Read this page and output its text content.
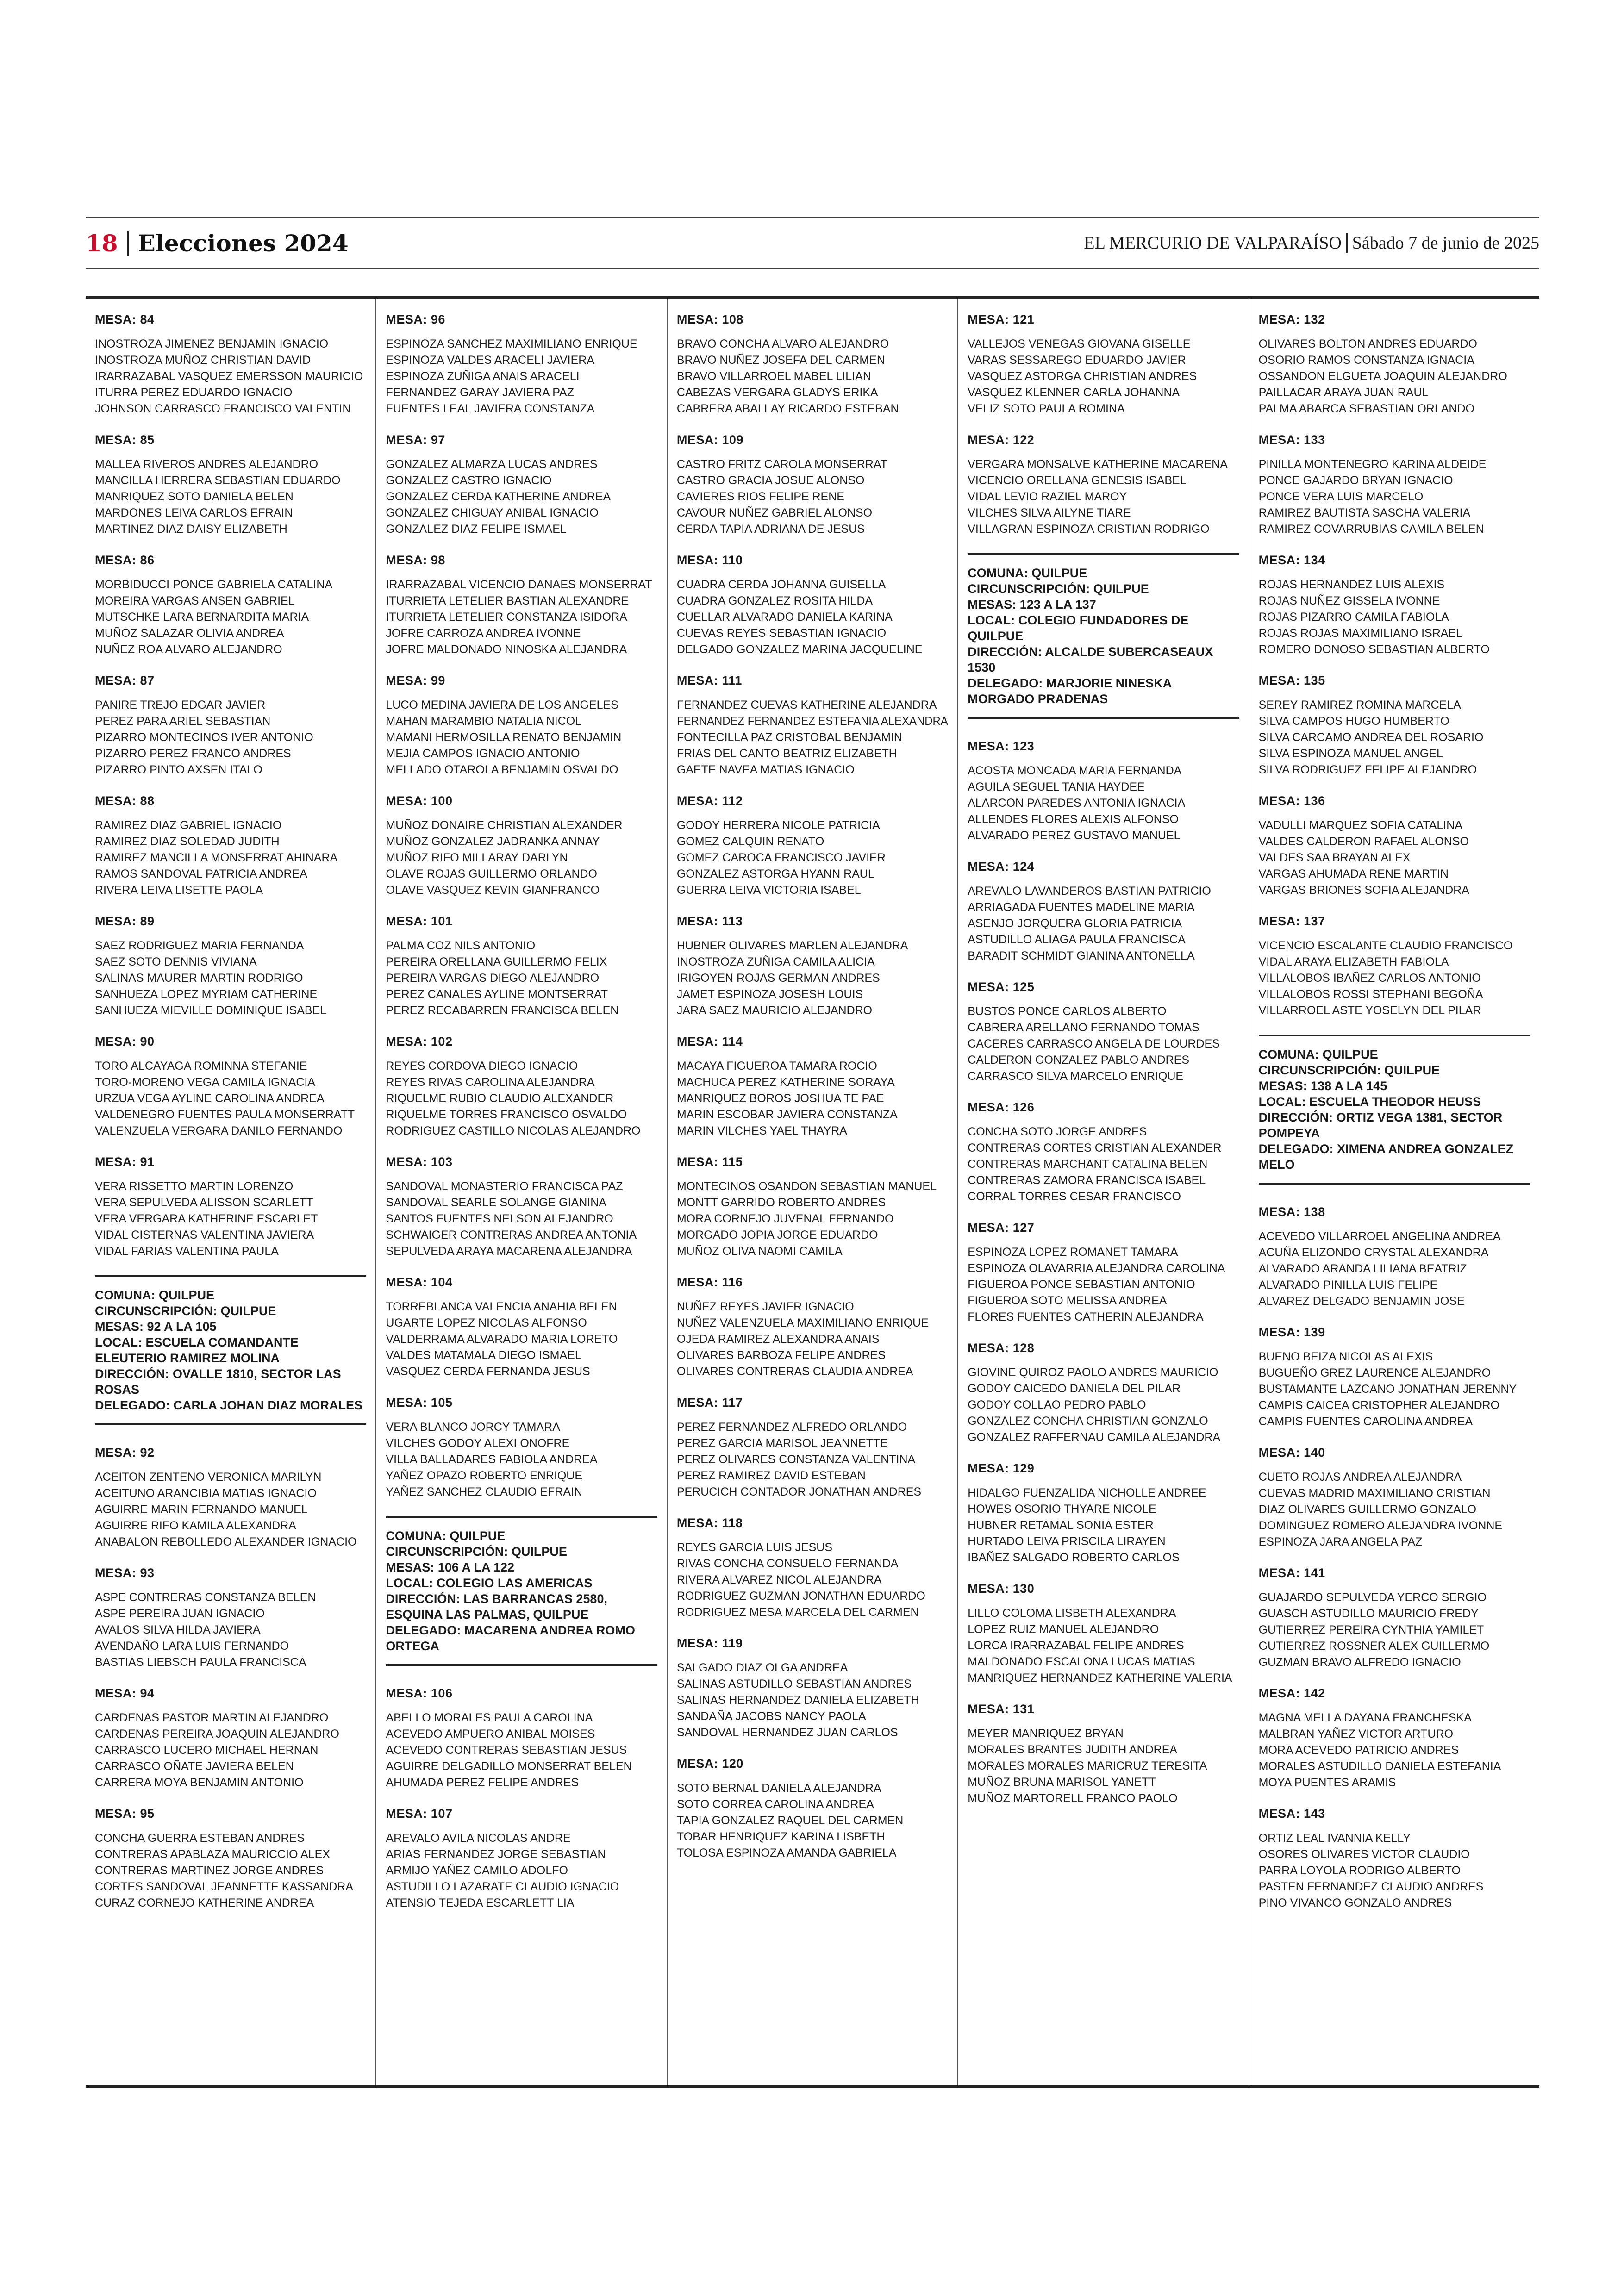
18 Elecciones 2024	EL MERCURIO DE VALPARAÍSO Sábado 7 de junio de 2025
MESA: 84
INOSTROZA JIMENEZ BENJAMIN IGNACIO
INOSTROZA MUÑOZ CHRISTIAN DAVID
IRARRAZABAL VASQUEZ EMERSSON MAURICIO
ITURRA PEREZ EDUARDO IGNACIO
JOHNSON CARRASCO FRANCISCO VALENTIN
MESA: 85
MALLEA RIVEROS ANDRES ALEJANDRO
MANCILLA HERRERA SEBASTIAN EDUARDO
MANRIQUEZ SOTO DANIELA BELEN
MARDONES LEIVA CARLOS EFRAIN
MARTINEZ DIAZ DAISY ELIZABETH
MESA: 86
MORBIDUCCI PONCE GABRIELA CATALINA
MOREIRA VARGAS ANSEN GABRIEL
MUTSCHKE LARA BERNARDITA MARIA
MUÑOZ SALAZAR OLIVIA ANDREA
NUÑEZ ROA ALVARO ALEJANDRO
MESA: 87
PANIRE TREJO EDGAR JAVIER
PEREZ PARA ARIEL SEBASTIAN
PIZARRO MONTECINOS IVER ANTONIO
PIZARRO PEREZ FRANCO ANDRES
PIZARRO PINTO AXSEN ITALO
MESA: 88
RAMIREZ DIAZ GABRIEL IGNACIO
RAMIREZ DIAZ SOLEDAD JUDITH
RAMIREZ MANCILLA MONSERRAT AHINARA
RAMOS SANDOVAL PATRICIA ANDREA
RIVERA LEIVA LISETTE PAOLA
MESA: 89
SAEZ RODRIGUEZ MARIA FERNANDA
SAEZ SOTO DENNIS VIVIANA
SALINAS MAURER MARTIN RODRIGO
SANHUEZA LOPEZ MYRIAM CATHERINE
SANHUEZA MIEVILLE DOMINIQUE ISABEL
MESA: 90
TORO ALCAYAGA ROMINNA STEFANIE
TORO-MORENO VEGA CAMILA IGNACIA
URZUA VEGA AYLINE CAROLINA ANDREA
VALDENEGRO FUENTES PAULA MONSERRATT
VALENZUELA VERGARA DANILO FERNANDO
MESA: 91
VERA RISSETTO MARTIN LORENZO
VERA SEPULVEDA ALISSON SCARLETT
VERA VERGARA KATHERINE ESCARLET
VIDAL CISTERNAS VALENTINA JAVIERA
VIDAL FARIAS VALENTINA PAULA
COMUNA: QUILPUE
CIRCUNSCRIPCIÓN: QUILPUE
MESAS: 92 A LA 105
LOCAL: ESCUELA COMANDANTE ELEUTERIO RAMIREZ MOLINA
DIRECCIÓN: OVALLE 1810, SECTOR LAS ROSAS
DELEGADO: CARLA JOHAN DIAZ MORALES
MESA: 92
ACEITON ZENTENO VERONICA MARILYN
ACEITUNO ARANCIBIA MATIAS IGNACIO
AGUIRRE MARIN FERNANDO MANUEL
AGUIRRE RIFO KAMILA ALEXANDRA
ANABALON REBOLLEDO ALEXANDER IGNACIO
MESA: 93
ASPE CONTRERAS CONSTANZA BELEN
ASPE PEREIRA JUAN IGNACIO
AVALOS SILVA HILDA JAVIERA
AVENDAÑO LARA LUIS FERNANDO
BASTIAS LIEBSCH PAULA FRANCISCA
MESA: 94
CARDENAS PASTOR MARTIN ALEJANDRO
CARDENAS PEREIRA JOAQUIN ALEJANDRO
CARRASCO LUCERO MICHAEL HERNAN
CARRASCO OÑATE JAVIERA BELEN
CARRERA MOYA BENJAMIN ANTONIO
MESA: 95
CONCHA GUERRA ESTEBAN ANDRES
CONTRERAS APABLAZA MAURICCIO ALEX
CONTRERAS MARTINEZ JORGE ANDRES
CORTES SANDOVAL JEANNETTE KASSANDRA
CURAZ CORNEJO KATHERINE ANDREA
MESA: 96
ESPINOZA SANCHEZ MAXIMILIANO ENRIQUE
ESPINOZA VALDES ARACELI JAVIERA
ESPINOZA ZUÑIGA ANAIS ARACELI
FERNANDEZ GARAY JAVIERA PAZ
FUENTES LEAL JAVIERA CONSTANZA
MESA: 97
GONZALEZ ALMARZA LUCAS ANDRES
GONZALEZ CASTRO IGNACIO
GONZALEZ CERDA KATHERINE ANDREA
GONZALEZ CHIGUAY ANIBAL IGNACIO
GONZALEZ DIAZ FELIPE ISMAEL
MESA: 98
IRARRAZABAL VICENCIO DANAES MONSERRAT
ITURRIETA LETELIER BASTIAN ALEXANDRE
ITURRIETA LETELIER CONSTANZA ISIDORA
JOFRE CARROZA ANDREA IVONNE
JOFRE MALDONADO NINOSKA ALEJANDRA
MESA: 99
LUCO MEDINA JAVIERA DE LOS ANGELES
MAHAN MARAMBIO NATALIA NICOL
MAMANI HERMOSILLA RENATO BENJAMIN
MEJIA CAMPOS IGNACIO ANTONIO
MELLADO OTAROLA BENJAMIN OSVALDO
MESA: 100
MUÑOZ DONAIRE CHRISTIAN ALEXANDER
MUÑOZ GONZALEZ JADRANKA ANNAY
MUÑOZ RIFO MILLARAY DARLYN
OLAVE ROJAS GUILLERMO ORLANDO
OLAVE VASQUEZ KEVIN GIANFRANCO
MESA: 101
PALMA COZ NILS ANTONIO
PEREIRA ORELLANA GUILLERMO FELIX
PEREIRA VARGAS DIEGO ALEJANDRO
PEREZ CANALES AYLINE MONTSERRAT
PEREZ RECABARREN FRANCISCA BELEN
MESA: 102
REYES CORDOVA DIEGO IGNACIO
REYES RIVAS CAROLINA ALEJANDRA
RIQUELME RUBIO CLAUDIO ALEXANDER
RIQUELME TORRES FRANCISCO OSVALDO
RODRIGUEZ CASTILLO NICOLAS ALEJANDRO
MESA: 103
SANDOVAL MONASTERIO FRANCISCA PAZ
SANDOVAL SEARLE SOLANGE GIANINA
SANTOS FUENTES NELSON ALEJANDRO
SCHWAIGER CONTRERAS ANDREA ANTONIA
SEPULVEDA ARAYA MACARENA ALEJANDRA
MESA: 104
TORREBLANCA VALENCIA ANAHIA BELEN
UGARTE LOPEZ NICOLAS ALFONSO
VALDERRAMA ALVARADO MARIA LORETO
VALDES MATAMALA DIEGO ISMAEL
VASQUEZ CERDA FERNANDA JESUS
MESA: 105
VERA BLANCO JORCY TAMARA
VILCHES GODOY ALEXI ONOFRE
VILLA BALLADARES FABIOLA ANDREA
YAÑEZ OPAZO ROBERTO ENRIQUE
YAÑEZ SANCHEZ CLAUDIO EFRAIN
COMUNA: QUILPUE
CIRCUNSCRIPCIÓN: QUILPUE
MESAS: 106 A LA 122
LOCAL: COLEGIO LAS AMERICAS
DIRECCIÓN: LAS BARRANCAS 2580, ESQUINA LAS PALMAS, QUILPUE
DELEGADO: MACARENA ANDREA ROMO ORTEGA
MESA: 106
ABELLO MORALES PAULA CAROLINA
ACEVEDO AMPUERO ANIBAL MOISES
ACEVEDO CONTRERAS SEBASTIAN JESUS
AGUIRRE DELGADILLO MONSERRAT BELEN
AHUMADA PEREZ FELIPE ANDRES
MESA: 107
AREVALO AVILA NICOLAS ANDRE
ARIAS FERNANDEZ JORGE SEBASTIAN
ARMIJO YAÑEZ CAMILO ADOLFO
ASTUDILLO LAZARATE CLAUDIO IGNACIO
ATENSIO TEJEDA ESCARLETT LIA
MESA: 108
BRAVO CONCHA ALVARO ALEJANDRO
BRAVO NUÑEZ JOSEFA DEL CARMEN
BRAVO VILLARROEL MABEL LILIAN
CABEZAS VERGARA GLADYS ERIKA
CABRERA ABALLAY RICARDO ESTEBAN
MESA: 109
CASTRO FRITZ CAROLA MONSERRAT
CASTRO GRACIA JOSUE ALONSO
CAVIERES RIOS FELIPE RENE
CAVOUR NUÑEZ GABRIEL ALONSO
CERDA TAPIA ADRIANA DE JESUS
MESA: 110
CUADRA CERDA JOHANNA GUISELLA
CUADRA GONZALEZ ROSITA HILDA
CUELLAR ALVARADO DANIELA KARINA
CUEVAS REYES SEBASTIAN IGNACIO
DELGADO GONZALEZ MARINA JACQUELINE
MESA: 111
FERNANDEZ CUEVAS KATHERINE ALEJANDRA
FERNANDEZ FERNANDEZ ESTEFANIA ALEXANDRA
FONTECILLA PAZ CRISTOBAL BENJAMIN
FRIAS DEL CANTO BEATRIZ ELIZABETH
GAETE NAVEA MATIAS IGNACIO
MESA: 112
GODOY HERRERA NICOLE PATRICIA
GOMEZ CALQUIN RENATO
GOMEZ CAROCA FRANCISCO JAVIER
GONZALEZ ASTORGA HYANN RAUL
GUERRA LEIVA VICTORIA ISABEL
MESA: 113
HUBNER OLIVARES MARLEN ALEJANDRA
INOSTROZA ZUÑIGA CAMILA ALICIA
IRIGOYEN ROJAS GERMAN ANDRES
JAMET ESPINOZA JOSESH LOUIS
JARA SAEZ MAURICIO ALEJANDRO
MESA: 114
MACAYA FIGUEROA TAMARA ROCIO
MACHUCA PEREZ KATHERINE SORAYA
MANRIQUEZ BOROS JOSHUA TE PAE
MARIN ESCOBAR JAVIERA CONSTANZA
MARIN VILCHES YAEL THAYRA
MESA: 115
MONTECINOS OSANDON SEBASTIAN MANUEL
MONTT GARRIDO ROBERTO ANDRES
MORA CORNEJO JUVENAL FERNANDO
MORGADO JOPIA JORGE EDUARDO
MUÑOZ OLIVA NAOMI CAMILA
MESA: 116
NUÑEZ REYES JAVIER IGNACIO
NUÑEZ VALENZUELA MAXIMILIANO ENRIQUE
OJEDA RAMIREZ ALEXANDRA ANAIS
OLIVARES BARBOZA FELIPE ANDRES
OLIVARES CONTRERAS CLAUDIA ANDREA
MESA: 117
PEREZ FERNANDEZ ALFREDO ORLANDO
PEREZ GARCIA MARISOL JEANNETTE
PEREZ OLIVARES CONSTANZA VALENTINA
PEREZ RAMIREZ DAVID ESTEBAN
PERUCICH CONTADOR JONATHAN ANDRES
MESA: 118
REYES GARCIA LUIS JESUS
RIVAS CONCHA CONSUELO FERNANDA
RIVERA ALVAREZ NICOL ALEJANDRA
RODRIGUEZ GUZMAN JONATHAN EDUARDO
RODRIGUEZ MESA MARCELA DEL CARMEN
MESA: 119
SALGADO DIAZ OLGA ANDREA
SALINAS ASTUDILLO SEBASTIAN ANDRES
SALINAS HERNANDEZ DANIELA ELIZABETH
SANDAÑA JACOBS NANCY PAOLA
SANDOVAL HERNANDEZ JUAN CARLOS
MESA: 120
SOTO BERNAL DANIELA ALEJANDRA
SOTO CORREA CAROLINA ANDREA
TAPIA GONZALEZ RAQUEL DEL CARMEN
TOBAR HENRIQUEZ KARINA LISBETH
TOLOSA ESPINOZA AMANDA GABRIELA
MESA: 121
VALLEJOS VENEGAS GIOVANA GISELLE
VARAS SESSAREGO EDUARDO JAVIER
VASQUEZ ASTORGA CHRISTIAN ANDRES
VASQUEZ KLENNER CARLA JOHANNA
VELIZ SOTO PAULA ROMINA
MESA: 122
VERGARA MONSALVE KATHERINE MACARENA
VICENCIO ORELLANA GENESIS ISABEL
VIDAL LEVIO RAZIEL MAROY
VILCHES SILVA AILYNE TIARE
VILLAGRAN ESPINOZA CRISTIAN RODRIGO
COMUNA: QUILPUE
CIRCUNSCRIPCIÓN: QUILPUE
MESAS: 123 A LA 137
LOCAL: COLEGIO FUNDADORES DE QUILPUE
DIRECCIÓN: ALCALDE SUBERCASEAUX 1530
DELEGADO: MARJORIE NINESKA MORGADO PRADENAS
MESA: 123
ACOSTA MONCADA MARIA FERNANDA
AGUILA SEGUEL TANIA HAYDEE
ALARCON PAREDES ANTONIA IGNACIA
ALLENDES FLORES ALEXIS ALFONSO
ALVARADO PEREZ GUSTAVO MANUEL
MESA: 124
AREVALO LAVANDEROS BASTIAN PATRICIO
ARRIAGADA FUENTES MADELINE MARIA
ASENJO JORQUERA GLORIA PATRICIA
ASTUDILLO ALIAGA PAULA FRANCISCA
BARADIT SCHMIDT GIANINA ANTONELLA
MESA: 125
BUSTOS PONCE CARLOS ALBERTO
CABRERA ARELLANO FERNANDO TOMAS
CACERES CARRASCO ANGELA DE LOURDES
CALDERON GONZALEZ PABLO ANDRES
CARRASCO SILVA MARCELO ENRIQUE
MESA: 126
CONCHA SOTO JORGE ANDRES
CONTRERAS CORTES CRISTIAN ALEXANDER
CONTRERAS MARCHANT CATALINA BELEN
CONTRERAS ZAMORA FRANCISCA ISABEL
CORRAL TORRES CESAR FRANCISCO
MESA: 127
ESPINOZA LOPEZ ROMANET TAMARA
ESPINOZA OLAVARRIA ALEJANDRA CAROLINA
FIGUEROA PONCE SEBASTIAN ANTONIO
FIGUEROA SOTO MELISSA ANDREA
FLORES FUENTES CATHERIN ALEJANDRA
MESA: 128
GIOVINE QUIROZ PAOLO ANDRES MAURICIO
GODOY CAICEDO DANIELA DEL PILAR
GODOY COLLAO PEDRO PABLO
GONZALEZ CONCHA CHRISTIAN GONZALO
GONZALEZ RAFFERNAU CAMILA ALEJANDRA
MESA: 129
HIDALGO FUENZALIDA NICHOLLE ANDREE
HOWES OSORIO THYARE NICOLE
HUBNER RETAMAL SONIA ESTER
HURTADO LEIVA PRISCILA LIRAYEN
IBAÑEZ SALGADO ROBERTO CARLOS
MESA: 130
LILLO COLOMA LISBETH ALEXANDRA
LOPEZ RUIZ MANUEL ALEJANDRO
LORCA IRARRAZABAL FELIPE ANDRES
MALDONADO ESCALONA LUCAS MATIAS
MANRIQUEZ HERNANDEZ KATHERINE VALERIA
MESA: 131
MEYER MANRIQUEZ BRYAN
MORALES BRANTES JUDITH ANDREA
MORALES MORALES MARICRUZ TERESITA
MUÑOZ BRUNA MARISOL YANETT
MUÑOZ MARTORELL FRANCO PAOLO
MESA: 132
OLIVARES BOLTON ANDRES EDUARDO
OSORIO RAMOS CONSTANZA IGNACIA
OSSANDON ELGUETA JOAQUIN ALEJANDRO
PAILLACAR ARAYA JUAN RAUL
PALMA ABARCA SEBASTIAN ORLANDO
MESA: 133
PINILLA MONTENEGRO KARINA ALDEIDE
PONCE GAJARDO BRYAN IGNACIO
PONCE VERA LUIS MARCELO
RAMIREZ BAUTISTA SASCHA VALERIA
RAMIREZ COVARRUBIAS CAMILA BELEN
MESA: 134
ROJAS HERNANDEZ LUIS ALEXIS
ROJAS NUÑEZ GISSELA IVONNE
ROJAS PIZARRO CAMILA FABIOLA
ROJAS ROJAS MAXIMILIANO ISRAEL
ROMERO DONOSO SEBASTIAN ALBERTO
MESA: 135
SEREY RAMIREZ ROMINA MARCELA
SILVA CAMPOS HUGO HUMBERTO
SILVA CARCAMO ANDREA DEL ROSARIO
SILVA ESPINOZA MANUEL ANGEL
SILVA RODRIGUEZ FELIPE ALEJANDRO
MESA: 136
VADULLI MARQUEZ SOFIA CATALINA
VALDES CALDERON RAFAEL ALONSO
VALDES SAA BRAYAN ALEX
VARGAS AHUMADA RENE MARTIN
VARGAS BRIONES SOFIA ALEJANDRA
MESA: 137
VICENCIO ESCALANTE CLAUDIO FRANCISCO
VIDAL ARAYA ELIZABETH FABIOLA
VILLALOBOS IBAÑEZ CARLOS ANTONIO
VILLALOBOS ROSSI STEPHANI BEGOÑA
VILLARROEL ASTE YOSELYN DEL PILAR
COMUNA: QUILPUE
CIRCUNSCRIPCIÓN: QUILPUE
MESAS: 138 A LA 145
LOCAL: ESCUELA THEODOR HEUSS
DIRECCIÓN: ORTIZ VEGA 1381, SECTOR POMPEYA
DELEGADO: XIMENA ANDREA GONZALEZ MELO
MESA: 138
ACEVEDO VILLARROEL ANGELINA ANDREA
ACUÑA ELIZONDO CRYSTAL ALEXANDRA
ALVARADO ARANDA LILIANA BEATRIZ
ALVARADO PINILLA LUIS FELIPE
ALVAREZ DELGADO BENJAMIN JOSE
MESA: 139
BUENO BEIZA NICOLAS ALEXIS
BUGUEÑO GREZ LAURENCE ALEJANDRO
BUSTAMANTE LAZCANO JONATHAN JERENNY
CAMPIS CAICEA CRISTOPHER ALEJANDRO
CAMPIS FUENTES CAROLINA ANDREA
MESA: 140
CUETO ROJAS ANDREA ALEJANDRA
CUEVAS MADRID MAXIMILIANO CRISTIAN
DIAZ OLIVARES GUILLERMO GONZALO
DOMINGUEZ ROMERO ALEJANDRA IVONNE
ESPINOZA JARA ANGELA PAZ
MESA: 141
GUAJARDO SEPULVEDA YERCO SERGIO
GUASCH ASTUDILLO MAURICIO FREDY
GUTIERREZ PEREIRA CYNTHIA YAMILET
GUTIERREZ ROSSNER ALEX GUILLERMO
GUZMAN BRAVO ALFREDO IGNACIO
MESA: 142
MAGNA MELLA DAYANA FRANCHESKA
MALBRAN YAÑEZ VICTOR ARTURO
MORA ACEVEDO PATRICIO ANDRES
MORALES ASTUDILLO DANIELA ESTEFANIA
MOYA PUENTES ARAMIS
MESA: 143
ORTIZ LEAL IVANNIA KELLY
OSORES OLIVARES VICTOR CLAUDIO
PARRA LOYOLA RODRIGO ALBERTO
PASTEN FERNANDEZ CLAUDIO ANDRES
PINO VIVANCO GONZALO ANDRES
